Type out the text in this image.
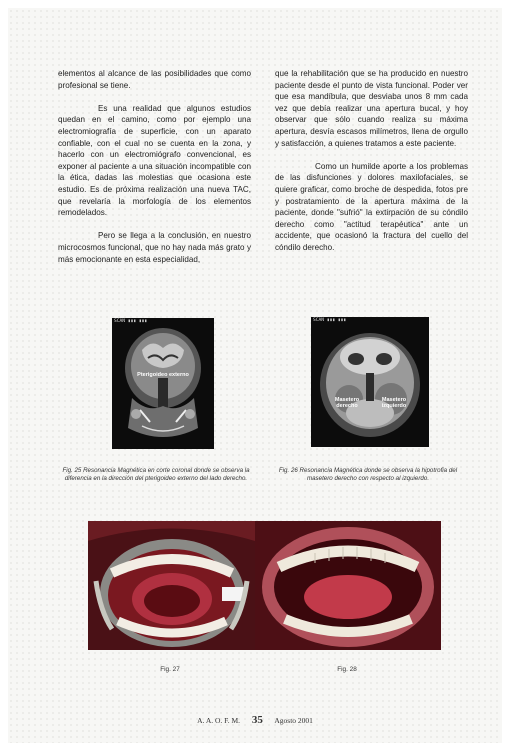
elementos al alcance de las posibilidades que como profesional se tiene.

Es una realidad que algunos estudios quedan en el camino, como por ejemplo una electromiografía de superficie, con un aparato confiable, con el cual no se cuenta en la zona, y hacerlo con un electromiógrafo convencional, es exponer al paciente a una situación incompatible con la ética, dadas las molestias que ocasiona este estudio. Es de próxima realización una nueva TAC, que revelaría la morfología de los elementos remodelados.

Pero se llega a la conclusión, en nuestro microcosmos funcional, que no hay nada más grato y más emocionante en esta especialidad,

que la rehabilitación que se ha producido en nuestro paciente desde el punto de vista funcional. Poder ver que esa mandíbula, que desviaba unos 8 mm cada vez que debía realizar una apertura bucal, y hoy observar que sólo cuando realiza su máxima apertura, desvía escasos milímetros, llena de orgullo y satisfacción, a quienes tratamos a este paciente.

Como un humilde aporte a los problemas de las disfunciones y dolores maxilofaciales, se quiere graficar, como broche de despedida, fotos pre y postratamiento de la apertura máxima de la paciente, donde "sufrió" la extirpación de su cóndilo derecho como "actitud terapéutica" ante un accidente, que ocasionó la fractura del cuello del cóndilo derecho.

SCAN ▮▮▮ ▮▮▮
Pterigoideo externo
Fig. 25 Resonancia Magnética en corte coronal donde se observa la diferencia en la dirección del pterigoideo externo del lado derecho.
SCAN ▮▮▮ ▮▮▮
Masetero derecho
Masetero izquierdo
Fig. 26 Resonancia Magnética donde se observa la hipotrofia del masetero derecho con respecto al izquierdo.
Fig. 27	Fig. 28
A. A. O. F. M. 35 Agosto 2001
